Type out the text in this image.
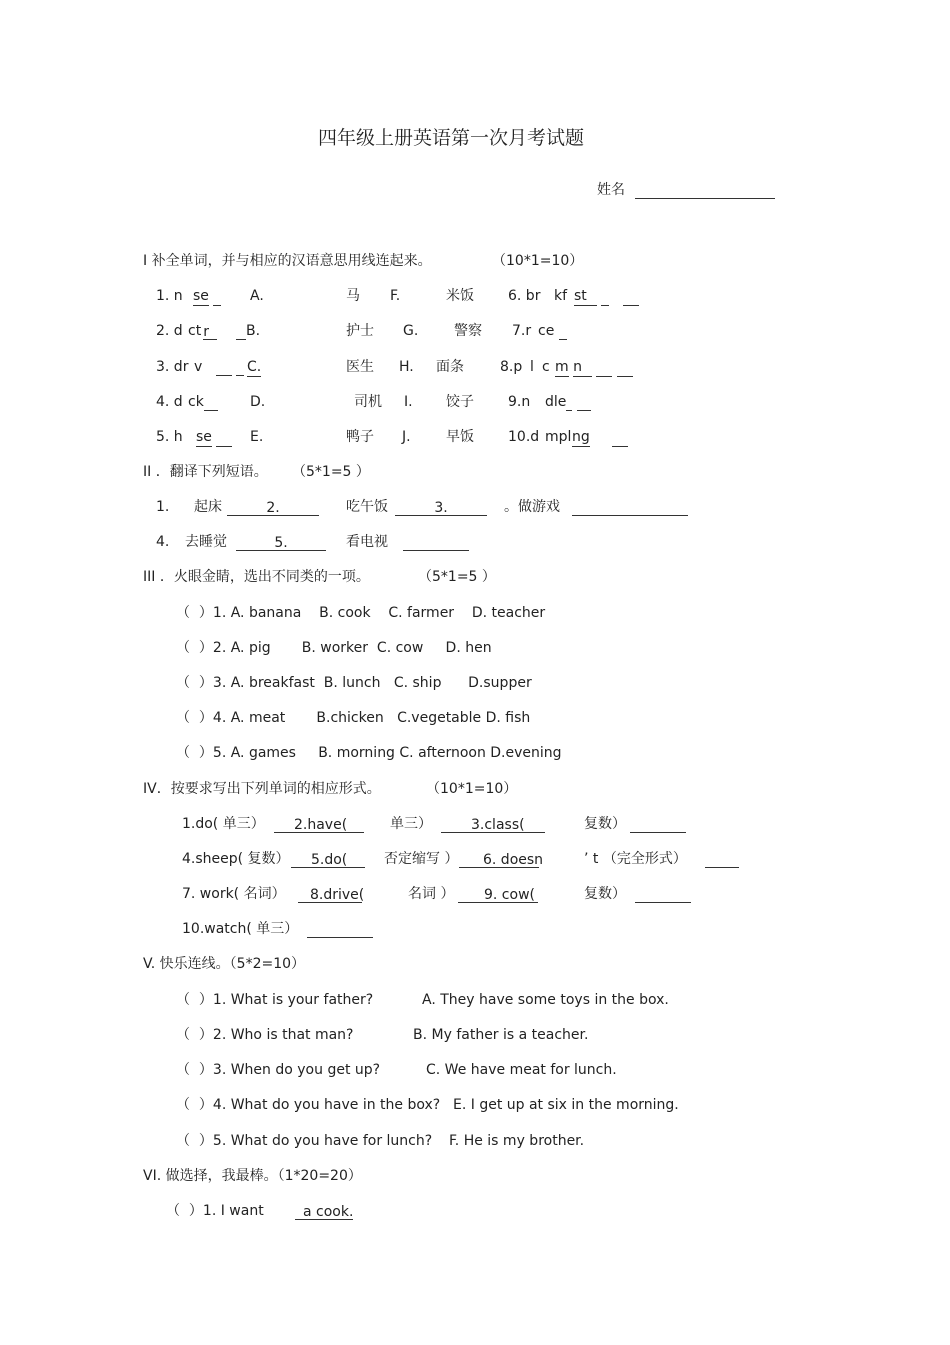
四年级上册英语第一次月考试题
姓名
I 补全单词，并与相应的汉语意思用线连起来。	（10*1=10）
1. n se	A.	马 F.	米饭 6. br kf st
2. d ct r	B.	护士 G.	警察 7.r ce
3. dr v	C.	医生 H. 面条	8.p l c m n
4. d ck	D.	司机 I. 饺子 9.n dle
5. h se	E.	鸭子 J.	早饭 10.d mpl ng
II ．翻译下列短语。 （5*1=5 ）
1. 起床	2.	吃午饭	3.	。做游戏
4. 去睡觉	5.	看电视
III ．火眼金睛，选出不同类的一项。	（5*1=5 ）
（ ）1. A. banana    B. cook    C. farmer    D. teacher
（ ）2. A. pig       B. worker  C. cow     D. hen
（ ）3. A. breakfast  B. lunch   C. ship      D.supper
（ ）4. A. meat       B.chicken   C.vegetable D. fish
（ ）5. A. games     B. morning C. afternoon D.evening
IV．按要求写出下列单词的相应形式。	（10*1=10）
1.do( 单三）	2.have(	单三）	3.class(	复数）
4.sheep( 复数）	5.do(	否定缩写 ）	6. doesn	’ t （完全形式）
7. work( 名词）	8.drive(	名词 ）	9. cow(	复数）
10.watch( 单三）
V. 快乐连线。（5*2=10）
（ ）1. What is your father?	A. They have some toys in the box.
（ ）2. Who is that man?	B. My father is a teacher.
（ ）3. When do you get up?	C. We have meat for lunch.
（ ）4. What do you have in the box? E. I get up at six in the morning.
（ ）5. What do you have for lunch? F. He is my brother.
VI. 做选择，我最棒。（1*20=20）
（ ）1. I want	a cook.
